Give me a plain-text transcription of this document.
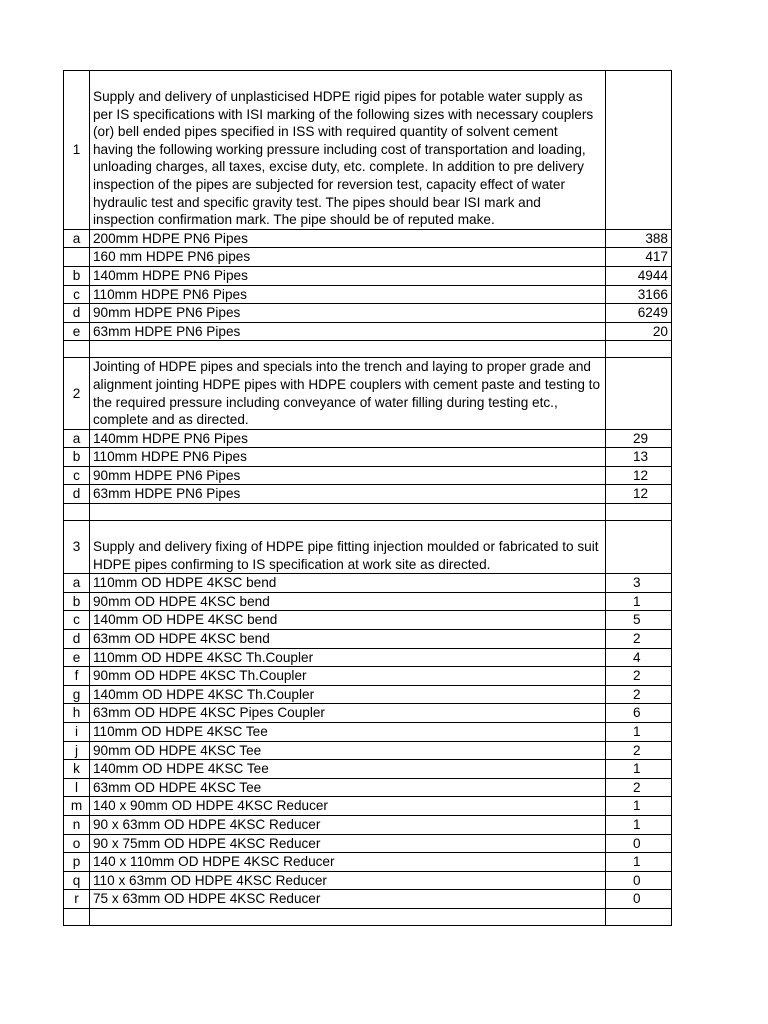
1	Supply and delivery of unplasticised HDPE rigid pipes for potable water supply as per IS specifications with ISI marking of the following sizes with necessary couplers (or) bell ended pipes specified in ISS with required quantity of solvent cement having the following working pressure including cost of transportation and loading, unloading charges, all taxes, excise duty, etc. complete. In addition to pre delivery inspection of the pipes are subjected for reversion test, capacity effect of water hydraulic test and specific gravity test. The pipes should bear ISI mark and inspection confirmation mark. The pipe should be of reputed make.	
a	200mm HDPE PN6 Pipes	388
	160 mm HDPE PN6 pipes	417
b	140mm HDPE PN6 Pipes	4944
c	110mm HDPE PN6 Pipes	3166
d	90mm HDPE PN6 Pipes	6249
e	63mm HDPE PN6 Pipes	20

2	Jointing of HDPE pipes and specials into the trench and laying to proper grade and alignment jointing HDPE pipes with HDPE couplers with cement paste and testing to the required pressure including conveyance of water filling during testing etc., complete and as directed.	
a	140mm HDPE PN6 Pipes	29
b	110mm HDPE PN6 Pipes	13
c	90mm HDPE PN6 Pipes	12
d	63mm HDPE PN6 Pipes	12

3	Supply and delivery fixing of HDPE pipe fitting injection moulded or fabricated to suit HDPE pipes confirming to IS specification at work site as directed.	
a	110mm OD HDPE 4KSC bend	3
b	90mm OD HDPE 4KSC bend	1
c	140mm OD HDPE 4KSC bend	5
d	63mm OD HDPE 4KSC bend	2
e	110mm OD HDPE 4KSC Th.Coupler	4
f	90mm OD HDPE 4KSC Th.Coupler	2
g	140mm OD HDPE 4KSC Th.Coupler	2
h	63mm OD HDPE 4KSC Pipes Coupler	6
i	110mm OD HDPE 4KSC Tee	1
j	90mm OD HDPE 4KSC Tee	2
k	140mm OD HDPE 4KSC Tee	1
l	63mm OD HDPE 4KSC Tee	2
m	140 x 90mm OD HDPE 4KSC Reducer	1
n	90 x 63mm OD HDPE 4KSC Reducer	1
o	90 x 75mm OD HDPE 4KSC Reducer	0
p	140 x 110mm OD HDPE 4KSC Reducer	1
q	110 x 63mm OD HDPE 4KSC Reducer	0
r	75 x 63mm OD HDPE 4KSC Reducer	0
